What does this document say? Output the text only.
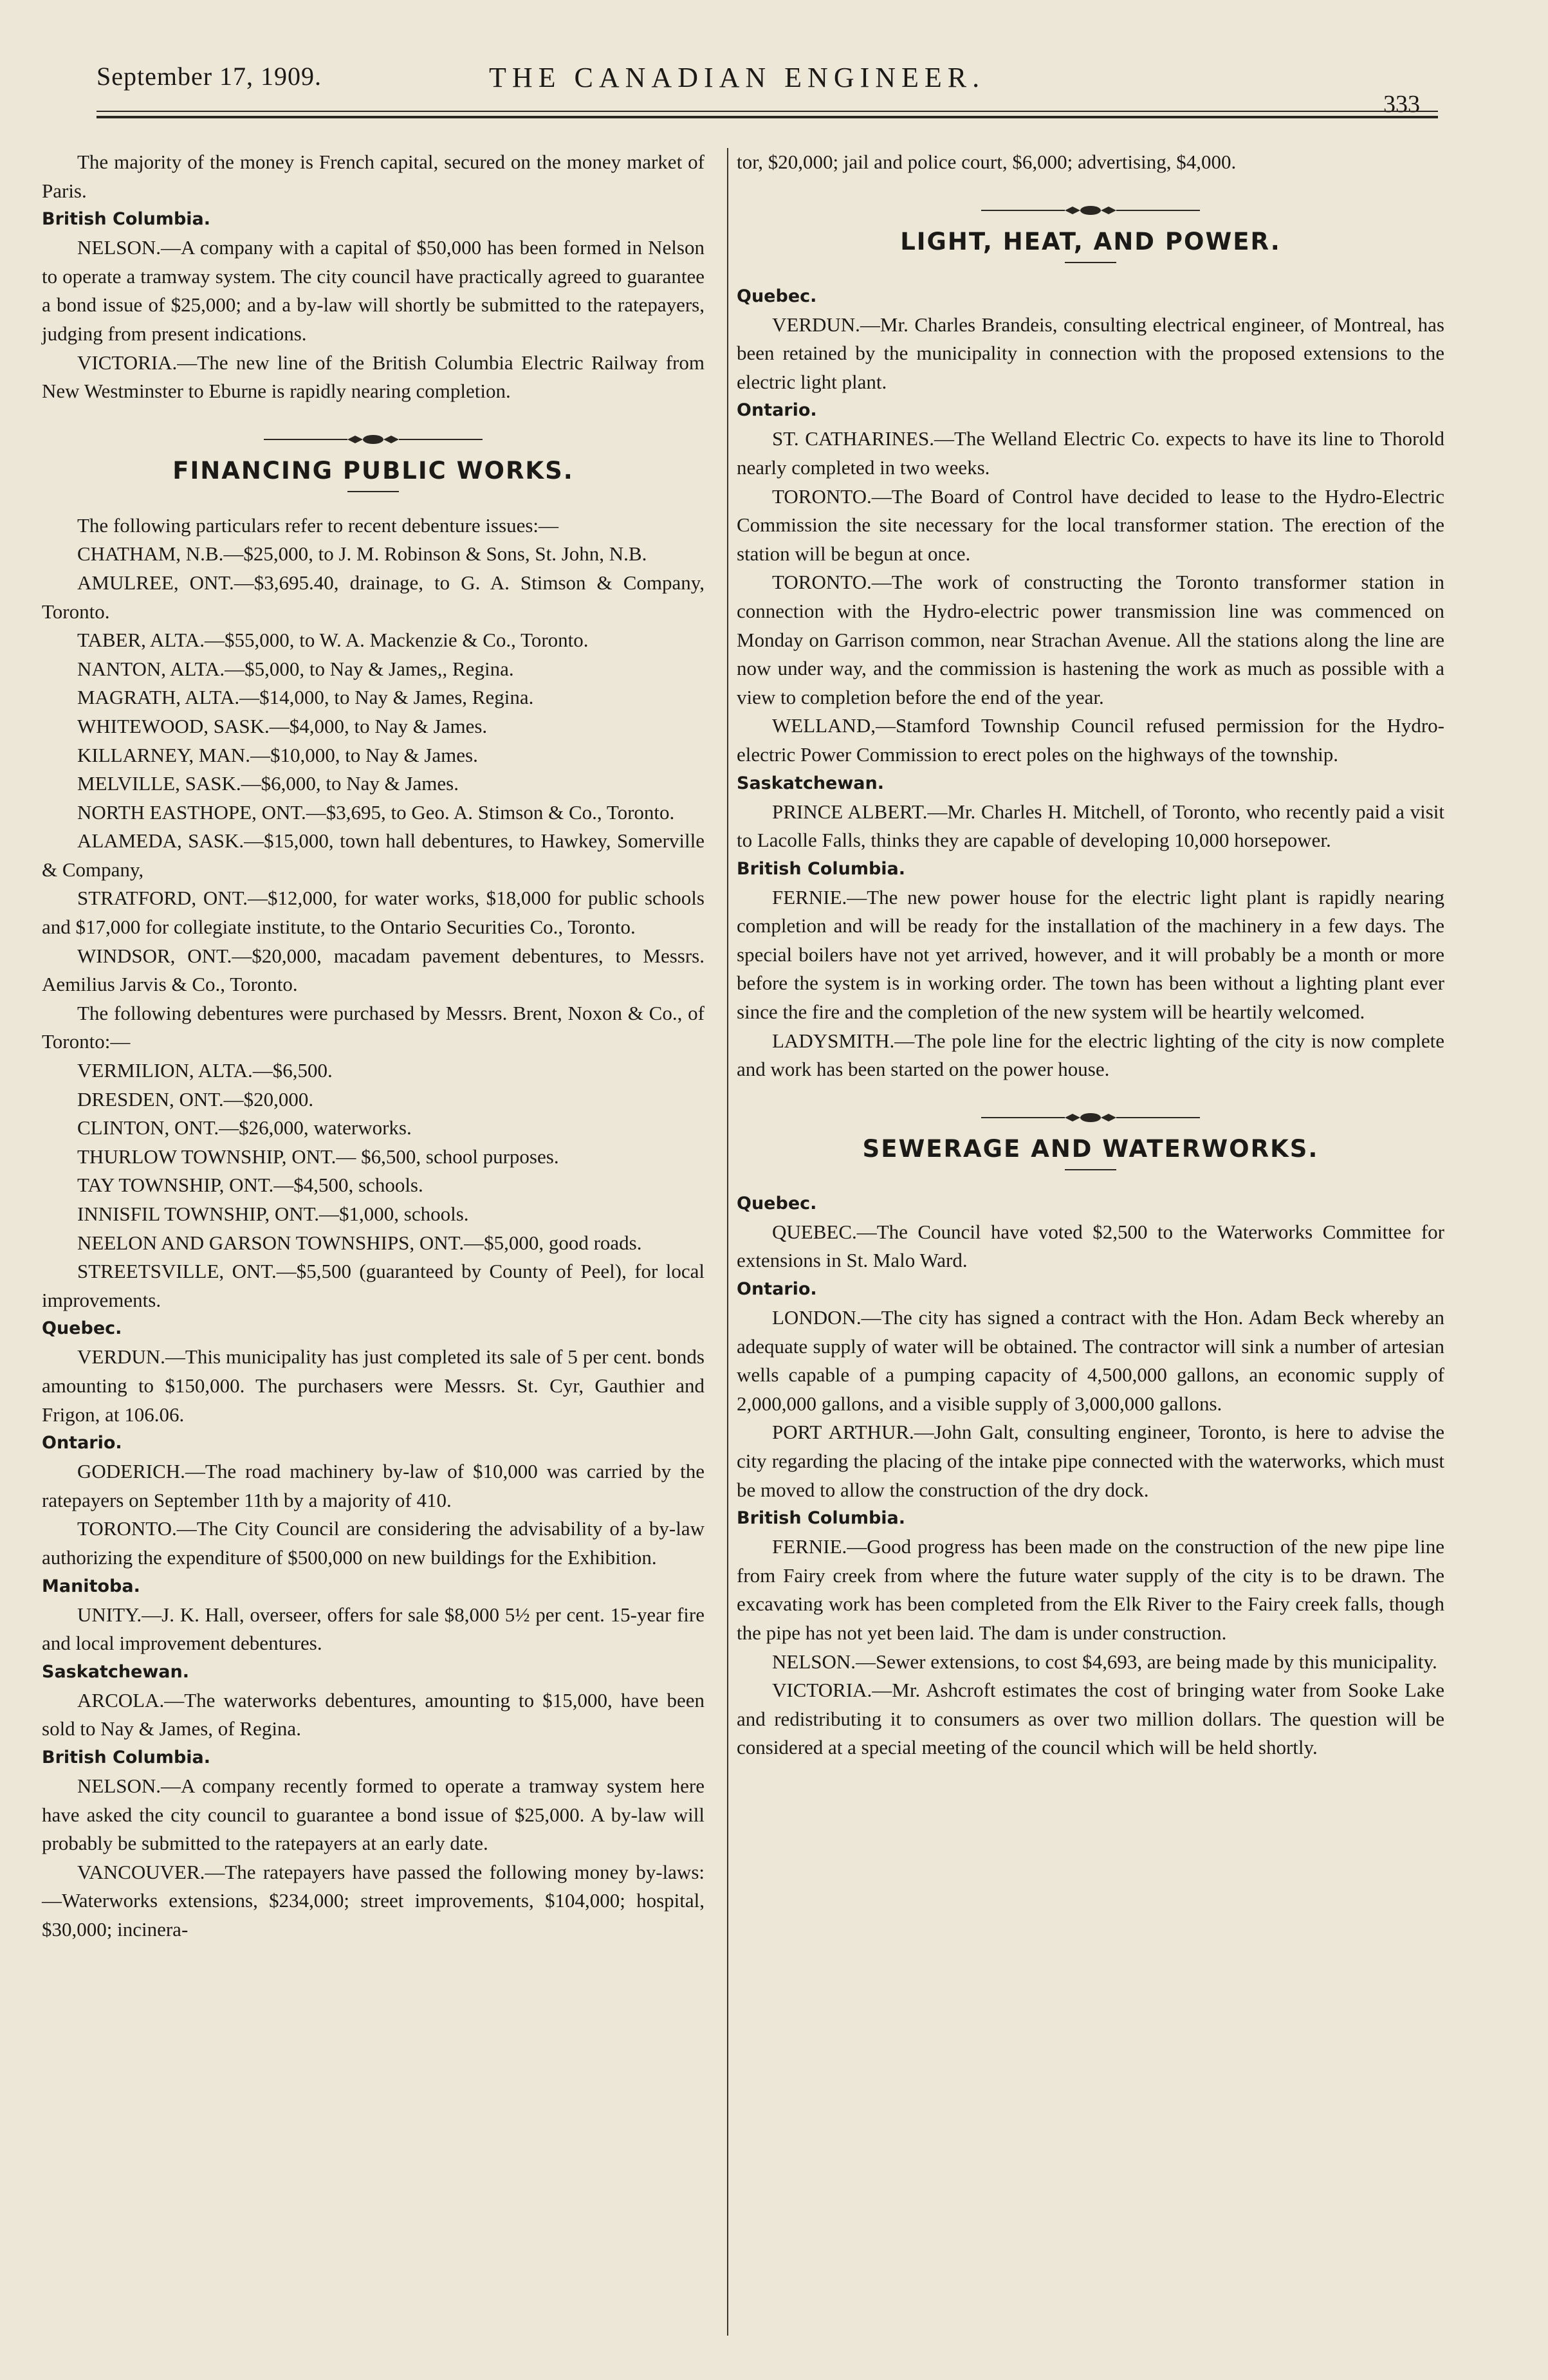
September 17, 1909.	THE CANADIAN ENGINEER.
333

The majority of the money is French capital, secured on the money market of Paris.

British Columbia.

NELSON.—A company with a capital of $50,000 has been formed in Nelson to operate a tramway system. The city council have practically agreed to guarantee a bond issue of $25,000; and a by-law will shortly be submitted to the ratepayers, judging from present indications.

VICTORIA.—The new line of the British Columbia Electric Railway from New Westminster to Eburne is rapidly nearing completion.

FINANCING PUBLIC WORKS.

The following particulars refer to recent debenture issues:—

CHATHAM, N.B.—$25,000, to J. M. Robinson & Sons, St. John, N.B.

AMULREE, ONT.—$3,695.40, drainage, to G. A. Stimson & Company, Toronto.

TABER, ALTA.—$55,000, to W. A. Mackenzie & Co., Toronto.

NANTON, ALTA.—$5,000, to Nay & James,, Regina.

MAGRATH, ALTA.—$14,000, to Nay & James, Regina.

WHITEWOOD, SASK.—$4,000, to Nay & James.

KILLARNEY, MAN.—$10,000, to Nay & James.

MELVILLE, SASK.—$6,000, to Nay & James.

NORTH EASTHOPE, ONT.—$3,695, to Geo. A. Stimson & Co., Toronto.

ALAMEDA, SASK.—$15,000, town hall debentures, to Hawkey, Somerville & Company,

STRATFORD, ONT.—$12,000, for water works, $18,000 for public schools and $17,000 for collegiate institute, to the Ontario Securities Co., Toronto.

WINDSOR, ONT.—$20,000, macadam pavement debentures, to Messrs. Aemilius Jarvis & Co., Toronto.

The following debentures were purchased by Messrs. Brent, Noxon & Co., of Toronto:—

VERMILION, ALTA.—$6,500.

DRESDEN, ONT.—$20,000.

CLINTON, ONT.—$26,000, waterworks.

THURLOW TOWNSHIP, ONT.— $6,500, school purposes.

TAY TOWNSHIP, ONT.—$4,500, schools.

INNISFIL TOWNSHIP, ONT.—$1,000, schools.

NEELON AND GARSON TOWNSHIPS, ONT.—$5,000, good roads.

STREETSVILLE, ONT.—$5,500 (guaranteed by County of Peel), for local improvements.

Quebec.

VERDUN.—This municipality has just completed its sale of 5 per cent. bonds amounting to $150,000. The purchasers were Messrs. St. Cyr, Gauthier and Frigon, at 106.06.

Ontario.

GODERICH.—The road machinery by-law of $10,000 was carried by the ratepayers on September 11th by a majority of 410.

TORONTO.—The City Council are considering the advisability of a by-law authorizing the expenditure of $500,000 on new buildings for the Exhibition.

Manitoba.

UNITY.—J. K. Hall, overseer, offers for sale $8,000 5½ per cent. 15-year fire and local improvement debentures.

Saskatchewan.

ARCOLA.—The waterworks debentures, amounting to $15,000, have been sold to Nay & James, of Regina.

British Columbia.

NELSON.—A company recently formed to operate a tramway system here have asked the city council to guarantee a bond issue of $25,000. A by-law will probably be submitted to the ratepayers at an early date.

VANCOUVER.—The ratepayers have passed the following money by-laws:—Waterworks extensions, $234,000; street improvements, $104,000; hospital, $30,000; incinera-

tor, $20,000; jail and police court, $6,000; advertising, $4,000.

LIGHT, HEAT, AND POWER.

Quebec.

VERDUN.—Mr. Charles Brandeis, consulting electrical engineer, of Montreal, has been retained by the municipality in connection with the proposed extensions to the electric light plant.

Ontario.

ST. CATHARINES.—The Welland Electric Co. expects to have its line to Thorold nearly completed in two weeks.

TORONTO.—The Board of Control have decided to lease to the Hydro-Electric Commission the site necessary for the local transformer station. The erection of the station will be begun at once.

TORONTO.—The work of constructing the Toronto transformer station in connection with the Hydro-electric power transmission line was commenced on Monday on Garrison common, near Strachan Avenue. All the stations along the line are now under way, and the commission is hastening the work as much as possible with a view to completion before the end of the year.

WELLAND,—Stamford Township Council refused permission for the Hydro-electric Power Commission to erect poles on the highways of the township.

Saskatchewan.

PRINCE ALBERT.—Mr. Charles H. Mitchell, of Toronto, who recently paid a visit to Lacolle Falls, thinks they are capable of developing 10,000 horsepower.

British Columbia.

FERNIE.—The new power house for the electric light plant is rapidly nearing completion and will be ready for the installation of the machinery in a few days. The special boilers have not yet arrived, however, and it will probably be a month or more before the system is in working order. The town has been without a lighting plant ever since the fire and the completion of the new system will be heartily welcomed.

LADYSMITH.—The pole line for the electric lighting of the city is now complete and work has been started on the power house.

SEWERAGE AND WATERWORKS.

Quebec.

QUEBEC.—The Council have voted $2,500 to the Waterworks Committee for extensions in St. Malo Ward.

Ontario.

LONDON.—The city has signed a contract with the Hon. Adam Beck whereby an adequate supply of water will be obtained. The contractor will sink a number of artesian wells capable of a pumping capacity of 4,500,000 gallons, an economic supply of 2,000,000 gallons, and a visible supply of 3,000,000 gallons.

PORT ARTHUR.—John Galt, consulting engineer, Toronto, is here to advise the city regarding the placing of the intake pipe connected with the waterworks, which must be moved to allow the construction of the dry dock.

British Columbia.

FERNIE.—Good progress has been made on the construction of the new pipe line from Fairy creek from where the future water supply of the city is to be drawn. The excavating work has been completed from the Elk River to the Fairy creek falls, though the pipe has not yet been laid. The dam is under construction.

NELSON.—Sewer extensions, to cost $4,693, are being made by this municipality.

VICTORIA.—Mr. Ashcroft estimates the cost of bringing water from Sooke Lake and redistributing it to consumers as over two million dollars. The question will be considered at a special meeting of the council which will be held shortly.
